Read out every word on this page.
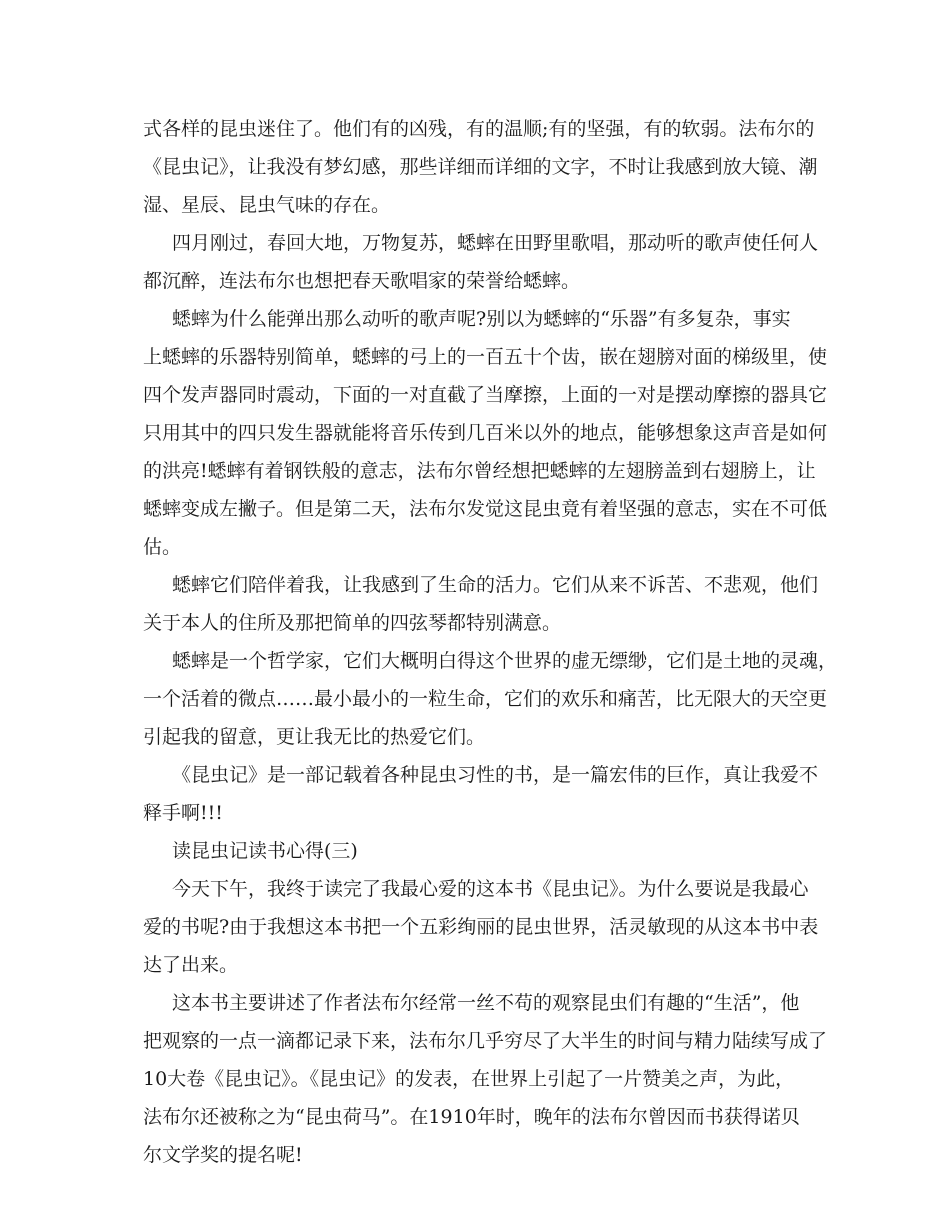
式各样的昆虫迷住了。他们有的凶残，有的温顺;有的坚强，有的软弱。法布尔的
《昆虫记》，让我没有梦幻感，那些详细而详细的文字，不时让我感到放大镜、潮
湿、星辰、昆虫气味的存在。
四月刚过，春回大地，万物复苏，蟋蟀在田野里歌唱，那动听的歌声使任何人
都沉醉，连法布尔也想把春天歌唱家的荣誉给蟋蟀。
蟋蟀为什么能弹出那么动听的歌声呢?别以为蟋蟀的“乐器”有多复杂，事实
上蟋蟀的乐器特别简单，蟋蟀的弓上的一百五十个齿，嵌在翅膀对面的梯级里，使
四个发声器同时震动，下面的一对直截了当摩擦，上面的一对是摆动摩擦的器具它
只用其中的四只发生器就能将音乐传到几百米以外的地点，能够想象这声音是如何
的洪亮!蟋蟀有着钢铁般的意志，法布尔曾经想把蟋蟀的左翅膀盖到右翅膀上，让
蟋蟀变成左撇子。但是第二天，法布尔发觉这昆虫竟有着坚强的意志，实在不可低
估。
蟋蟀它们陪伴着我，让我感到了生命的活力。它们从来不诉苦、不悲观，他们
关于本人的住所及那把简单的四弦琴都特别满意。
蟋蟀是一个哲学家，它们大概明白得这个世界的虚无缥缈，它们是土地的灵魂，
一个活着的微点……最小最小的一粒生命，它们的欢乐和痛苦，比无限大的天空更
引起我的留意，更让我无比的热爱它们。
《昆虫记》是一部记载着各种昆虫习性的书，是一篇宏伟的巨作，真让我爱不
释手啊!!!
读昆虫记读书心得(三)
今天下午，我终于读完了我最心爱的这本书《昆虫记》。为什么要说是我最心
爱的书呢?由于我想这本书把一个五彩绚丽的昆虫世界，活灵敏现的从这本书中表
达了出来。
这本书主要讲述了作者法布尔经常一丝不苟的观察昆虫们有趣的“生活”，他
把观察的一点一滴都记录下来，法布尔几乎穷尽了大半生的时间与精力陆续写成了
10大卷《昆虫记》。《昆虫记》的发表，在世界上引起了一片赞美之声，为此，
法布尔还被称之为“昆虫荷马”。在1910年时，晚年的法布尔曾因而书获得诺贝
尔文学奖的提名呢!
